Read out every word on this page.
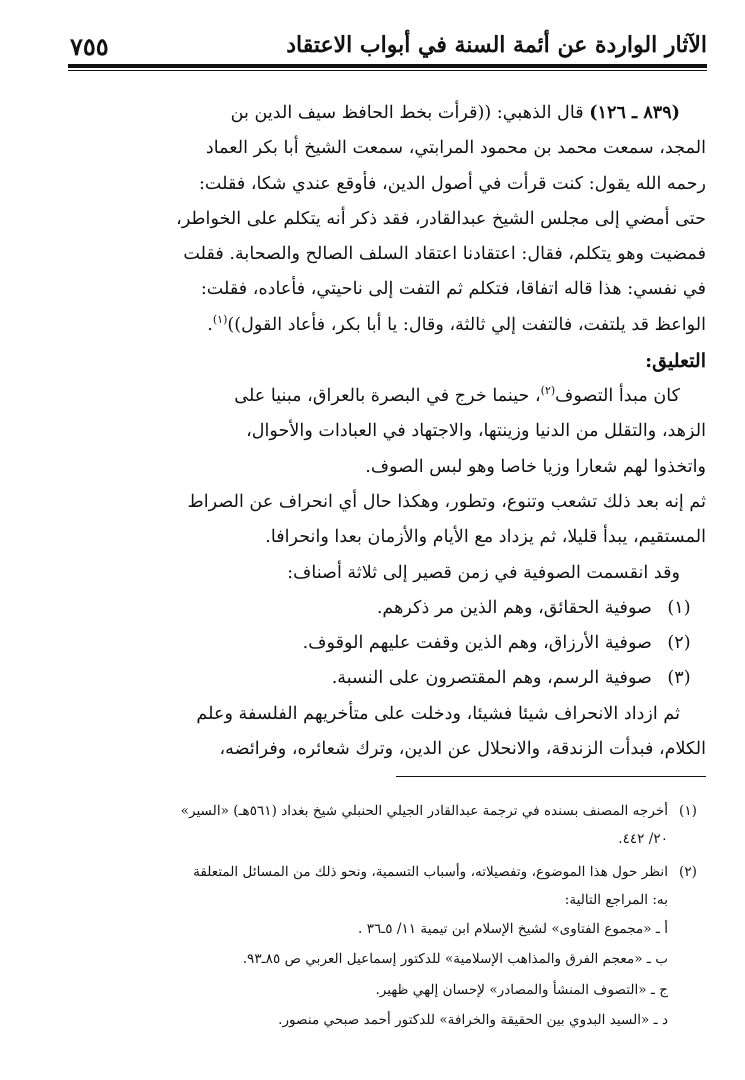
٧٥٥	الآثار الواردة عن أئمة السنة في أبواب الاعتقاد

(٨٣٩ ـ ١٢٦) قال الذهبي: ((قرأت بخط الحافظ سيف الدين بن

المجد، سمعت محمد بن محمود المرابتي، سمعت الشيخ أبا بكر العماد

رحمه الله يقول: كنت قرأت في أصول الدين، فأوقع عندي شكا، فقلت:

حتى أمضي إلى مجلس الشيخ عبدالقادر، فقد ذكر أنه يتكلم على الخواطر،

فمضيت وهو يتكلم، فقال: اعتقادنا اعتقاد السلف الصالح والصحابة. فقلت

في نفسي: هذا قاله اتفاقا، فتكلم ثم التفت إلى ناحيتي، فأعاده، فقلت:

الواعظ قد يلتفت، فالتفت إلي ثالثة، وقال: يا أبا بكر، فأعاد القول))$^{(١)}$.

التعليق:

كان مبدأ التصوف$^{(٢)}$، حينما خرج في البصرة بالعراق، مبنيا على

الزهد، والتقلل من الدنيا وزينتها، والاجتهاد في العبادات والأحوال،

واتخذوا لهم شعارا وزيا خاصا وهو لبس الصوف.

ثم إنه بعد ذلك تشعب وتنوع، وتطور، وهكذا حال أي انحراف عن الصراط

المستقيم، يبدأ قليلا، ثم يزداد مع الأيام والأزمان بعدا وانحرافا.

وقد انقسمت الصوفية في زمن قصير إلى ثلاثة أصناف:

(١)
صوفية الحقائق، وهم الذين مر ذكرهم.
(٢)
صوفية الأرزاق، وهم الذين وقفت عليهم الوقوف.
(٣)
صوفية الرسم، وهم المقتصرون على النسبة.

ثم ازداد الانحراف شيئا فشيئا، ودخلت على متأخريهم الفلسفة وعلم

الكلام، فبدأت الزندقة، والانحلال عن الدين، وترك شعائره، وفرائضه،

(١)
أخرجه المصنف بسنده في ترجمة عبدالقادر الجيلي الحنبلي شيخ بغداد (٥٦١هـ) «السير»
٢٠/ ٤٤٢.
(٢)
انظر حول هذا الموضوع، وتفصيلاته، وأسباب التسمية، ونحو ذلك من المسائل المتعلقة
به: المراجع التالية:
أ ـ «مجموع الفتاوى» لشيخ الإسلام ابن تيمية ١١/ ٥ـ٣٦ .
ب ـ «معجم الفرق والمذاهب الإسلامية» للدكتور إسماعيل العربي ص ٨٥ـ٩٣.
ج ـ «التصوف المنشأ والمصادر» لإحسان إلهي ظهير.
د ـ «السيد البدوي بين الحقيقة والخرافة» للدكتور أحمد صبحي منصور.
